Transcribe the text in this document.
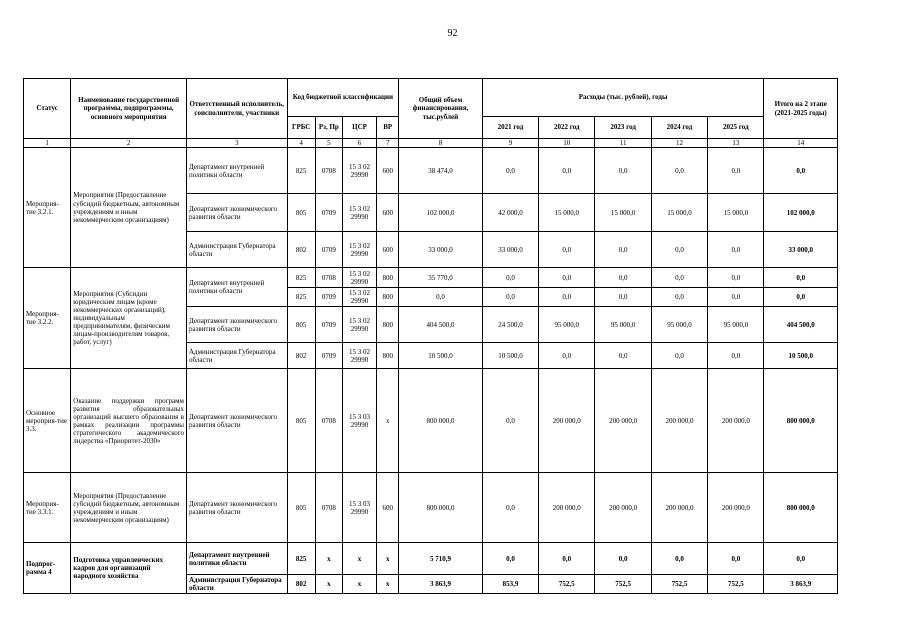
92
Статус	Наименование государственной программы, подпрограммы, основного мероприятия	Ответственный исполнитель, соисполнители, участники	Код бюджетной классификации				Общий объем финансирования, тыс.рублей	Расходы (тыс. рублей), годы					Итого на 2 этапе (2021-2025 годы)
			ГРБС	Рз, Пр	ЦСР	ВР		2021 год	2022 год	2023 год	2024 год	2025 год	
1	2	3	4	5	6	7	8	9	10	11	12	13	14
Мероприя-тие 3.2.1.	Мероприятия (Предоставление субсидий бюджетным, автономным учреждениям и иным некоммерческим организациям)	Департамент внутренней политики области	825	0708	15 3 02 29990	600	38 474,0	0,0	0,0	0,0	0,0	0,0	0,0
		Департамент экономического развития области	805	0709	15 3 02 29990	600	102 000,0	42 000,0	15 000,0	15 000,0	15 000,0	15 000,0	102 000,0
		Администрация Губернатора области	802	0709	15 3 02 29990	600	33 000,0	33 000,0	0,0	0,0	0,0	0,0	33 000,0
Мероприя-тие 3.2.2.	Мероприятия (Субсидии юридическим лицам (кроме некоммерческих организаций), индивидуальным предпринимателям, физическим лицам-производителям товаров, работ, услуг)	Департамент внутренней политики области	825	0708	15 3 02 29990	800	35 770,0	0,0	0,0	0,0	0,0	0,0	0,0
			825	0709	15 3 02 29990	800	0,0	0,0	0,0	0,0	0,0	0,0	0,0
		Департамент экономического развития области	805	0709	15 3 02 29990	800	404 500,0	24 500,0	95 000,0	95 000,0	95 000,0	95 000,0	404 500,0
		Администрация Губернатора области	802	0709	15 3 02 29990	800	10 500,0	10 500,0	0,0	0,0	0,0	0,0	10 500,0
Основное мероприя-тие 3.3.	Оказание поддержки программ развития образовательных организаций высшего образования в рамках реализации программы стратегического академического лидерства «Приоритет-2030»	Департамент экономического развития области	805	0708	15 3 03 29990	x	800 000,0	0,0	200 000,0	200 000,0	200 000,0	200 000,0	800 000,0
Мероприя-тие 3.3.1.	Мероприятия (Предоставление субсидий бюджетным, автономным учреждениям и иным некоммерческим организациям)	Департамент экономического развития области	805	0708	15 3 03 29990	600	800 000,0	0,0	200 000,0	200 000,0	200 000,0	200 000,0	800 000,0
Подпрог-рамма 4	Подготовка управленческих кадров для организаций народного хозяйства	Департамент внутренней политики области	825	x	x	x	5 710,9	0,0	0,0	0,0	0,0	0,0	0,0
		Администрация Губернатора области	802	x	x	x	3 863,9	853,9	752,5	752,5	752,5	752,5	3 863,9
